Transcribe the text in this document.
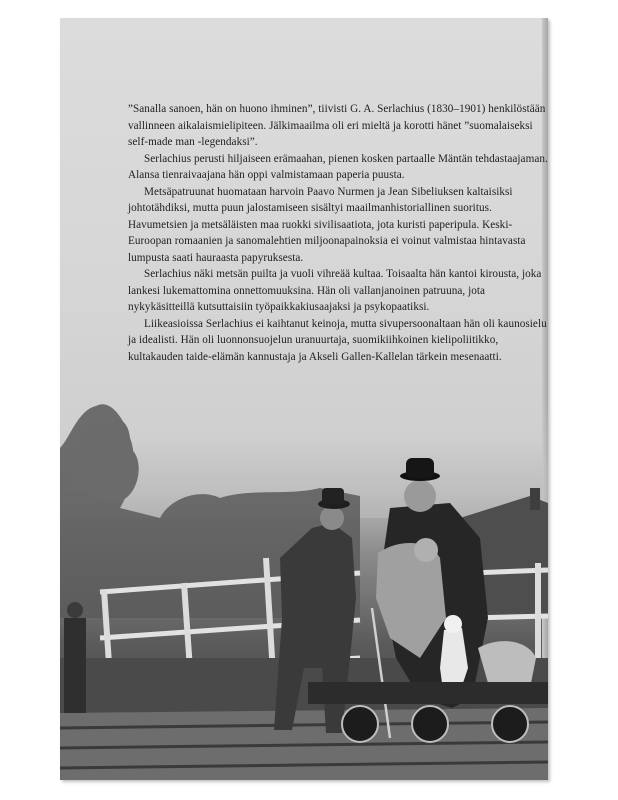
”Sanalla sanoen, hän on huono ihminen”, tiivisti G. A. Serlachius (1830–1901) henkilöstään vallinneen aikalaismielipiteen. Jälkimaailma oli eri mieltä ja korotti hänet ”suomalaiseksi self-made man -legendaksi”.

Serlachius perusti hiljaiseen erämaahan, pienen kosken partaalle Mäntän tehdastaajaman. Alansa tienraivaajana hän oppi valmistamaan paperia puusta.

Metsäpatruunat huomataan harvoin Paavo Nurmen ja Jean Sibeliuksen kaltaisiksi johtotähdiksi, mutta puun jalostamiseen sisältyi maailmanhistoriallinen suoritus. Havumetsien ja metsäläisten maa ruokki sivilisaatiota, jota kuristi paperipula. Keski-Euroopan romaanien ja sanomalehtien miljoonapainoksia ei voinut valmistaa hintavasta lumpusta saati hauraasta papyruksesta.

Serlachius näki metsän puilta ja vuoli vihreää kultaa. Toisaalta hän kantoi kirousta, joka lankesi lukemattomina onnettomuuksina. Hän oli vallanjanoinen patruuna, jota nykykäsitteillä kutsuttaisiin työpaikkakiusaajaksi ja psykopaatiksi.

Liikeasioissa Serlachius ei kaihtanut keinoja, mutta sivupersoonaltaan hän oli kaunosielu ja idealisti. Hän oli luonnonsuojelun uranuurtaja, suomikiihkoinen kielipoliitikko, kultakauden taide-elämän kannustaja ja Akseli Gallen-Kallelan tärkein mesenaatti.
